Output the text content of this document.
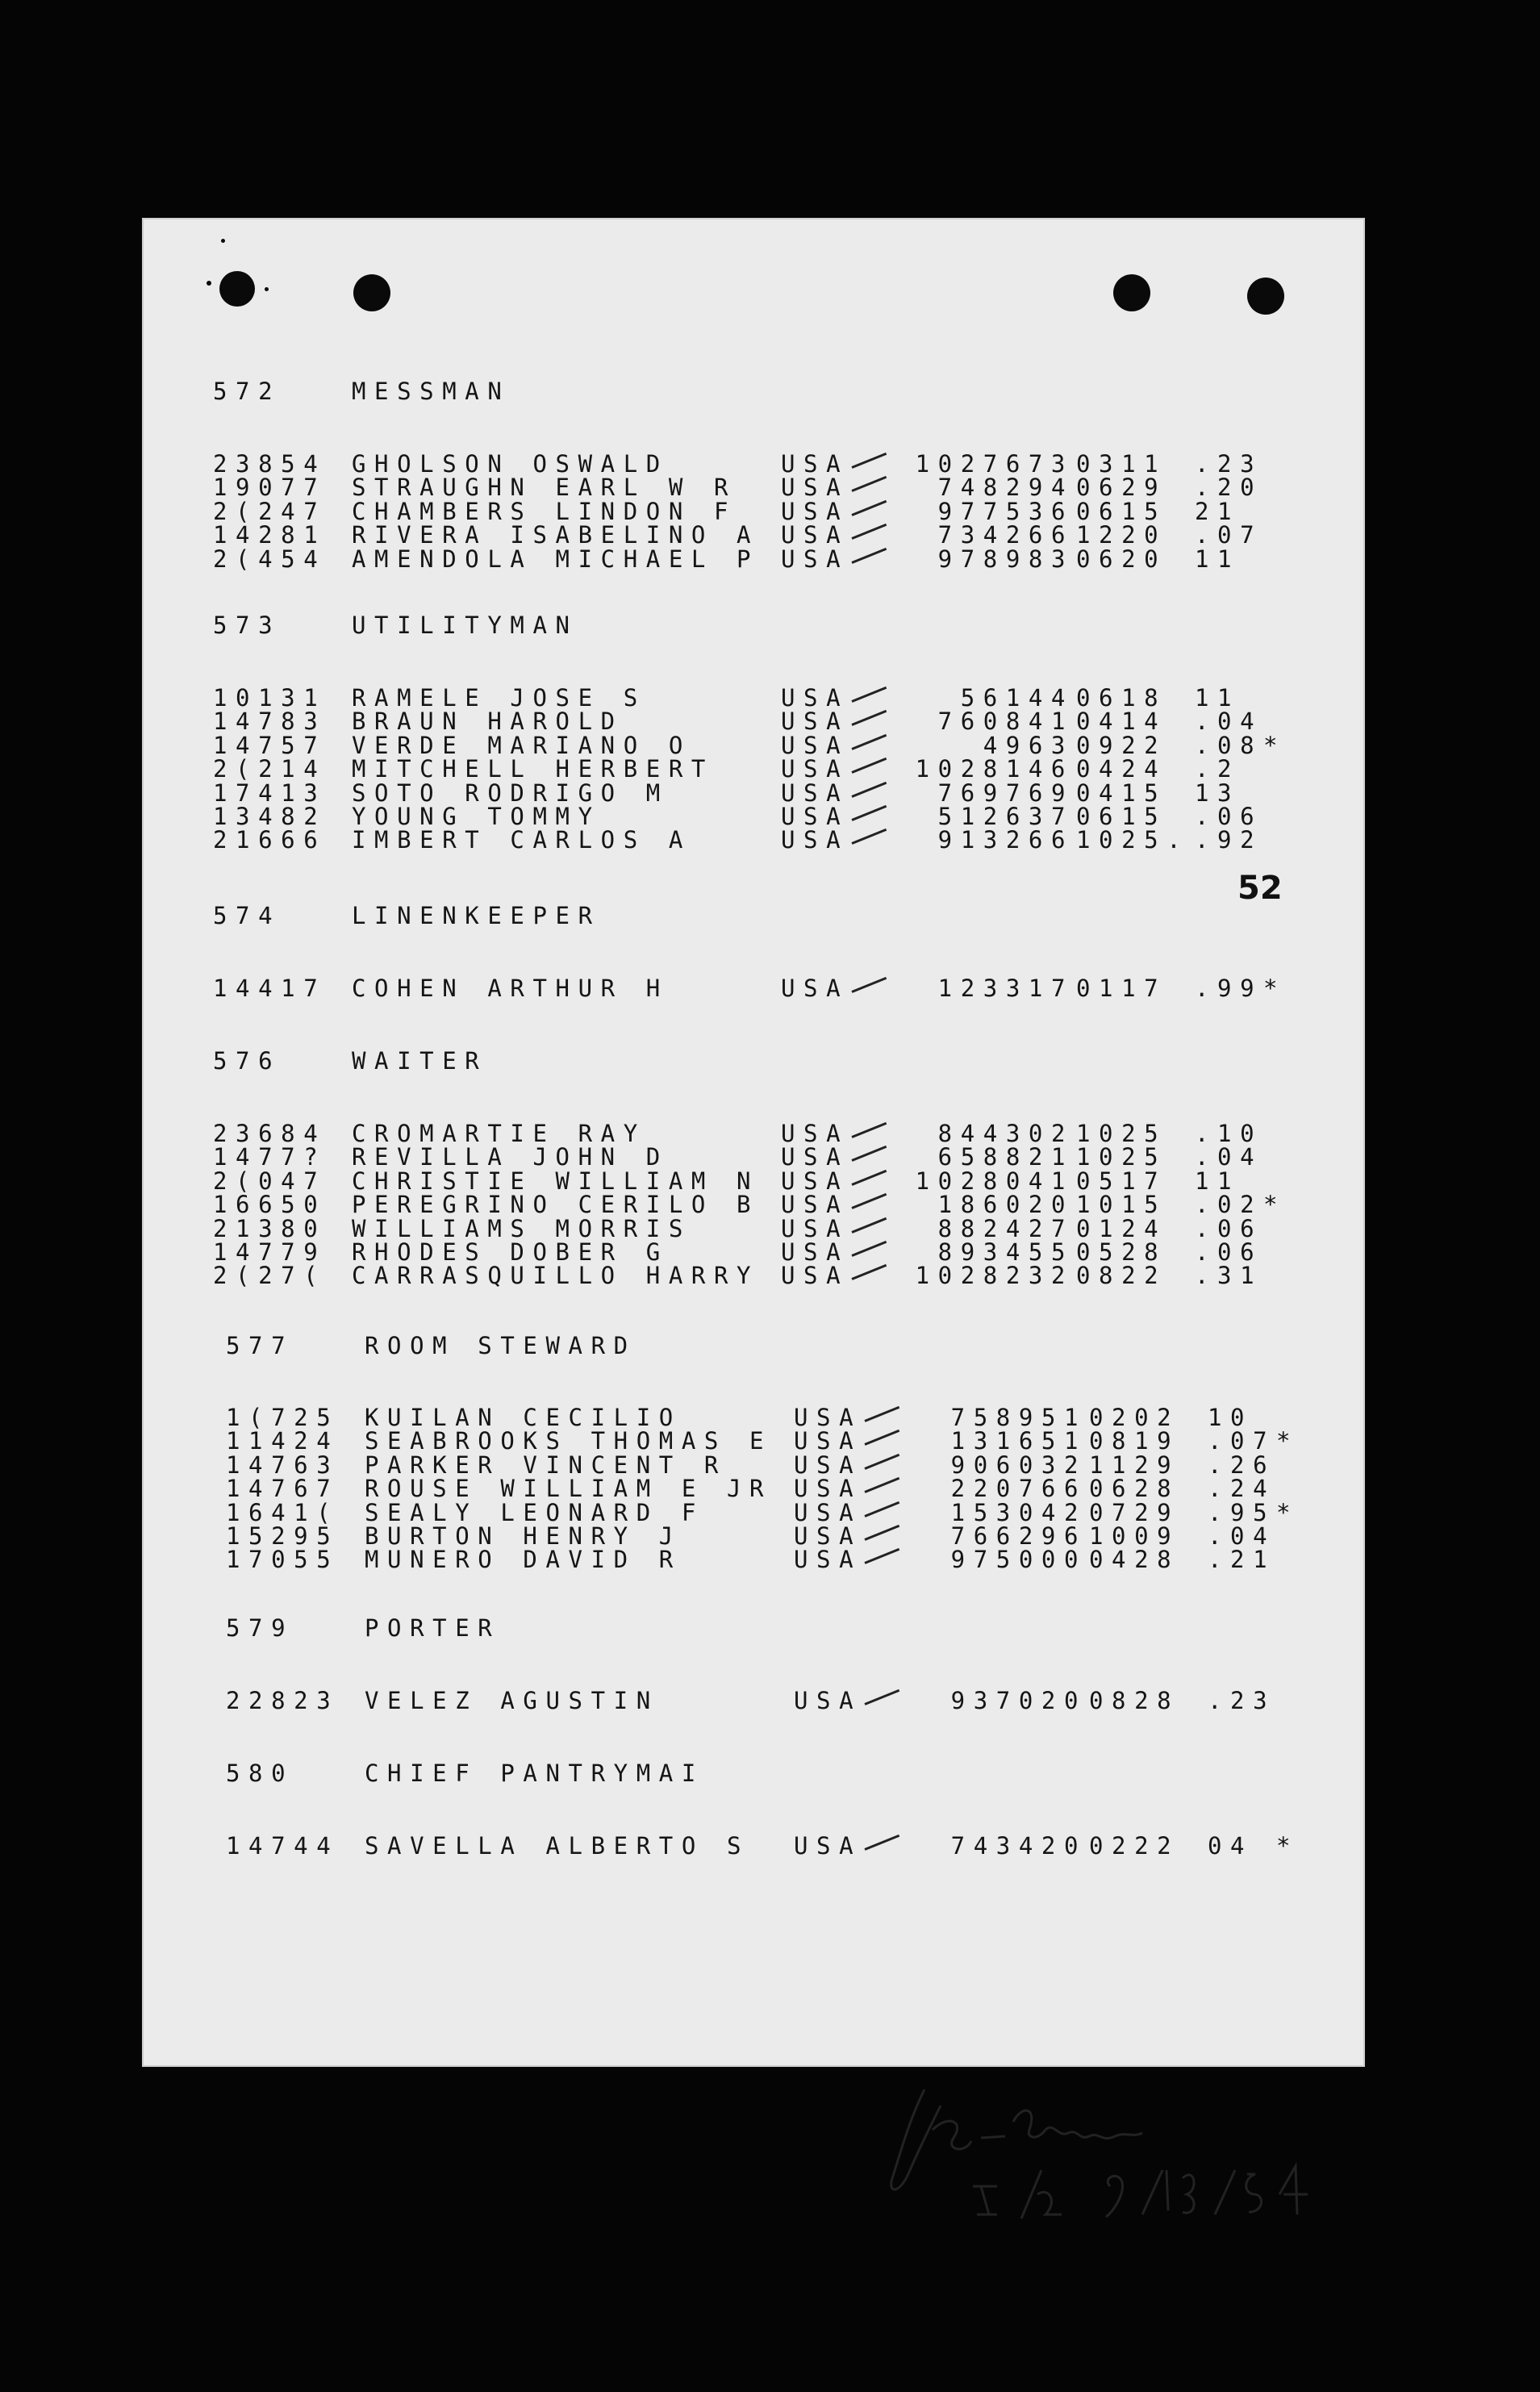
572	MESSMAN
23854 GHOLSON OSWALD	USA	1027673 0311 .23
19077 STRAUGHN EARL W R USA	748294 0629 .20
2(247 CHAMBERS LINDON F USA	977536 0615 21
14281 RIVERA ISABELINO A USA	734266 1220 .07
2(454 AMENDOLA MICHAEL P USA	978983 0620 11
573	UTILITYMAN
10131 RAMELE JOSE S	USA	56144 0618 11
14783 BRAUN HAROLD	USA	760841 0414 .04
14757 VERDE MARIANO O	USA	4963 0922 .08 *
2(214 MITCHELL HERBERT	USA	1028146 0424 .2
17413 SOTO RODRIGO M	USA	769769 0415 13
13482 YOUNG TOMMY	USA	512637 0615 .06
21666 IMBERT CARLOS A	USA	913266 1025. .92
574	LINENKEEPER
14417 COHEN ARTHUR H	USA	123317 0117 .99 *
576	WAITER
23684 CROMARTIE RAY	USA	844302 1025 .10
1477? REVILLA JOHN D	USA	658821 1025 .04
2(047 CHRISTIE WILLIAM N USA	1028041 0517 11
16650 PEREGRINO CERILO B USA	186020 1015 .02 *
21380 WILLIAMS MORRIS	USA	882427 0124 .06
14779 RHODES DOBER G	USA	893455 0528 .06
2(27( CARRASQUILLO HARRY USA	1028232 0822 .31
577	ROOM STEWARD
1(725 KUILAN CECILIO	USA	758951 0202 10
11424 SEABROOKS THOMAS E USA	131651 0819 .07 *
14763 PARKER VINCENT R	USA	906032 1129 .26
14767 ROUSE WILLIAM E JR USA	220766 0628 .24
1641( SEALY LEONARD F	USA	153042 0729 .95 *
15295 BURTON HENRY J	USA	766296 1009 .04
17055 MUNERO DAVID R	USA	975000 0428 .21
579	PORTER
22823 VELEZ AGUSTIN	USA	937020 0828 .23
580	CHIEF PANTRYMAI
14744 SAVELLA ALBERTO S USA	743420 0222 04 *
52
